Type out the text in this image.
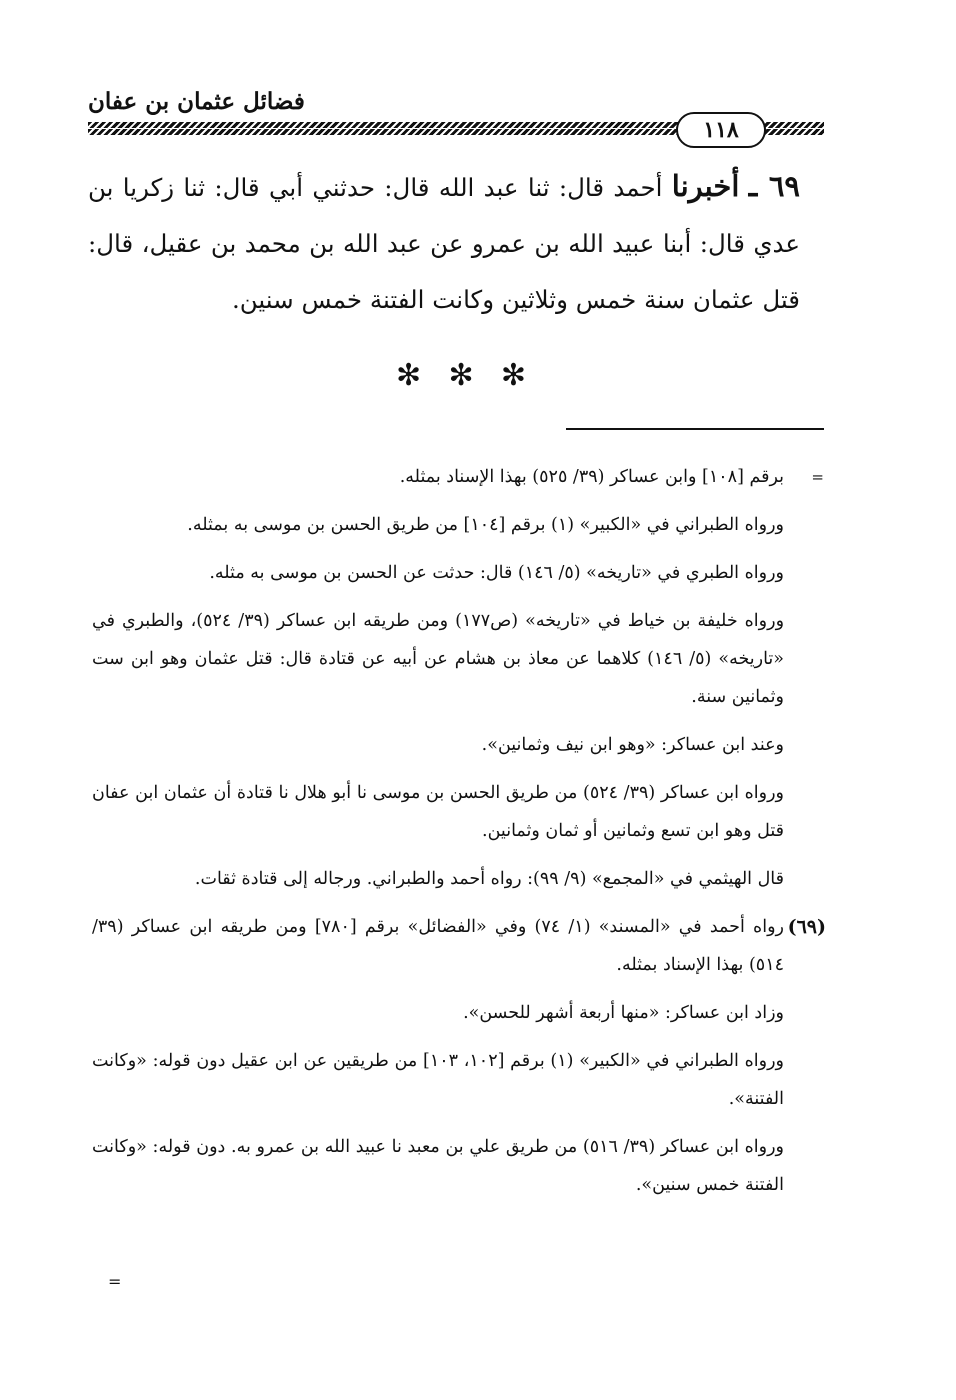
فضائل عثمان بن عفان
١١٨
٦٩ ـ أخبرنا أحمد قال: ثنا عبد الله قال: حدثني أبي قال: ثنا زكريا بن عدي قال: أبنا عبيد الله بن عمرو عن عبد الله بن محمد بن عقيل، قال: قتل عثمان سنة خمس وثلاثين وكانت الفتنة خمس سنين.
✻
✻
✻

=
برقم [١٠٨] وابن عساكر (٣٩/ ٥٢٥) بهذا الإسناد بمثله.

ورواه الطبراني في «الكبير» (١) برقم [١٠٤] من طريق الحسن بن موسى به بمثله.

ورواه الطبري في «تاريخه» (٥/ ١٤٦) قال: حدثت عن الحسن بن موسى به مثله.

ورواه خليفة بن خياط في «تاريخه» (ص١٧٧) ومن طريقه ابن عساكر (٣٩/ ٥٢٤)، والطبري في «تاريخه» (٥/ ١٤٦) كلاهما عن معاذ بن هشام عن أبيه عن قتادة قال: قتل عثمان وهو ابن ست وثمانين سنة.

وعند ابن عساكر: «وهو ابن نيف وثمانين».

ورواه ابن عساكر (٣٩/ ٥٢٤) من طريق الحسن بن موسى نا أبو هلال نا قتادة أن عثمان ابن عفان قتل وهو ابن تسع وثمانين أو ثمان وثمانين.

قال الهيثمي في «المجمع» (٩/ ٩٩): رواه أحمد والطبراني. ورجاله إلى قتادة ثقات.

(٦٩)
رواه أحمد في «المسند» (١/ ٧٤) وفي «الفضائل» برقم [٧٨٠] ومن طريقه ابن عساكر (٣٩/ ٥١٤) بهذا الإسناد بمثله.

وزاد ابن عساكر: «منها أربعة أشهر للحسن».

ورواه الطبراني في «الكبير» (١) برقم [١٠٢، ١٠٣] من طريقين عن ابن عقيل دون قوله: «وكانت الفتنة».

ورواه ابن عساكر (٣٩/ ٥١٦) من طريق علي بن معبد نا عبيد الله بن عمرو به. دون قوله: «وكانت الفتنة خمس سنين».

=
